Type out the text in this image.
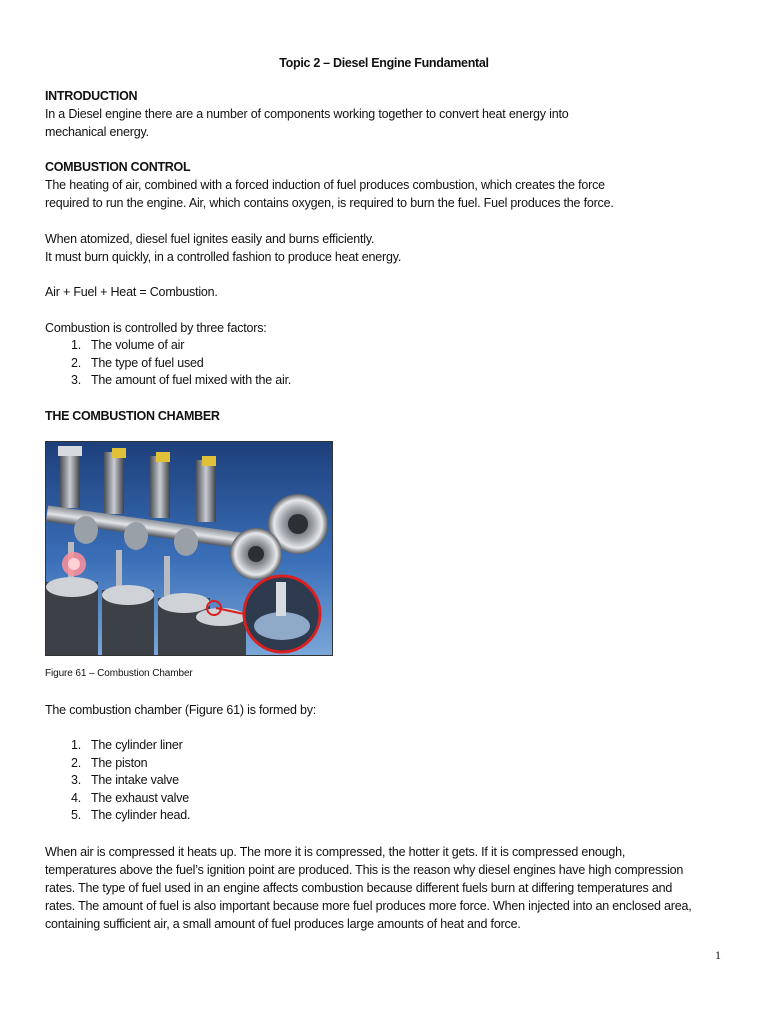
Topic 2 – Diesel Engine Fundamental
INTRODUCTION
In a Diesel engine there are a number of components working together to convert heat energy into
mechanical energy.
COMBUSTION CONTROL
The heating of air, combined with a forced induction of fuel produces combustion, which creates the force
required to run the engine. Air, which contains oxygen, is required to burn the fuel. Fuel produces the force.
When atomized, diesel fuel ignites easily and burns efficiently.
It must burn quickly, in a controlled fashion to produce heat energy.
Air + Fuel + Heat = Combustion.
Combustion is controlled by three factors:
1. The volume of air
2. The type of fuel used
3. The amount of fuel mixed with the air.
THE COMBUSTION CHAMBER
Figure 61 – Combustion Chamber
The combustion chamber (Figure 61) is formed by:
1. The cylinder liner
2. The piston
3. The intake valve
4. The exhaust valve
5. The cylinder head.
When air is compressed it heats up. The more it is compressed, the hotter it gets. If it is compressed enough,
temperatures above the fuel’s ignition point are produced. This is the reason why diesel engines have high compression
rates. The type of fuel used in an engine affects combustion because different fuels burn at differing temperatures and
rates. The amount of fuel is also important because more fuel produces more force. When injected into an enclosed area,
containing sufficient air, a small amount of fuel produces large amounts of heat and force.
1
